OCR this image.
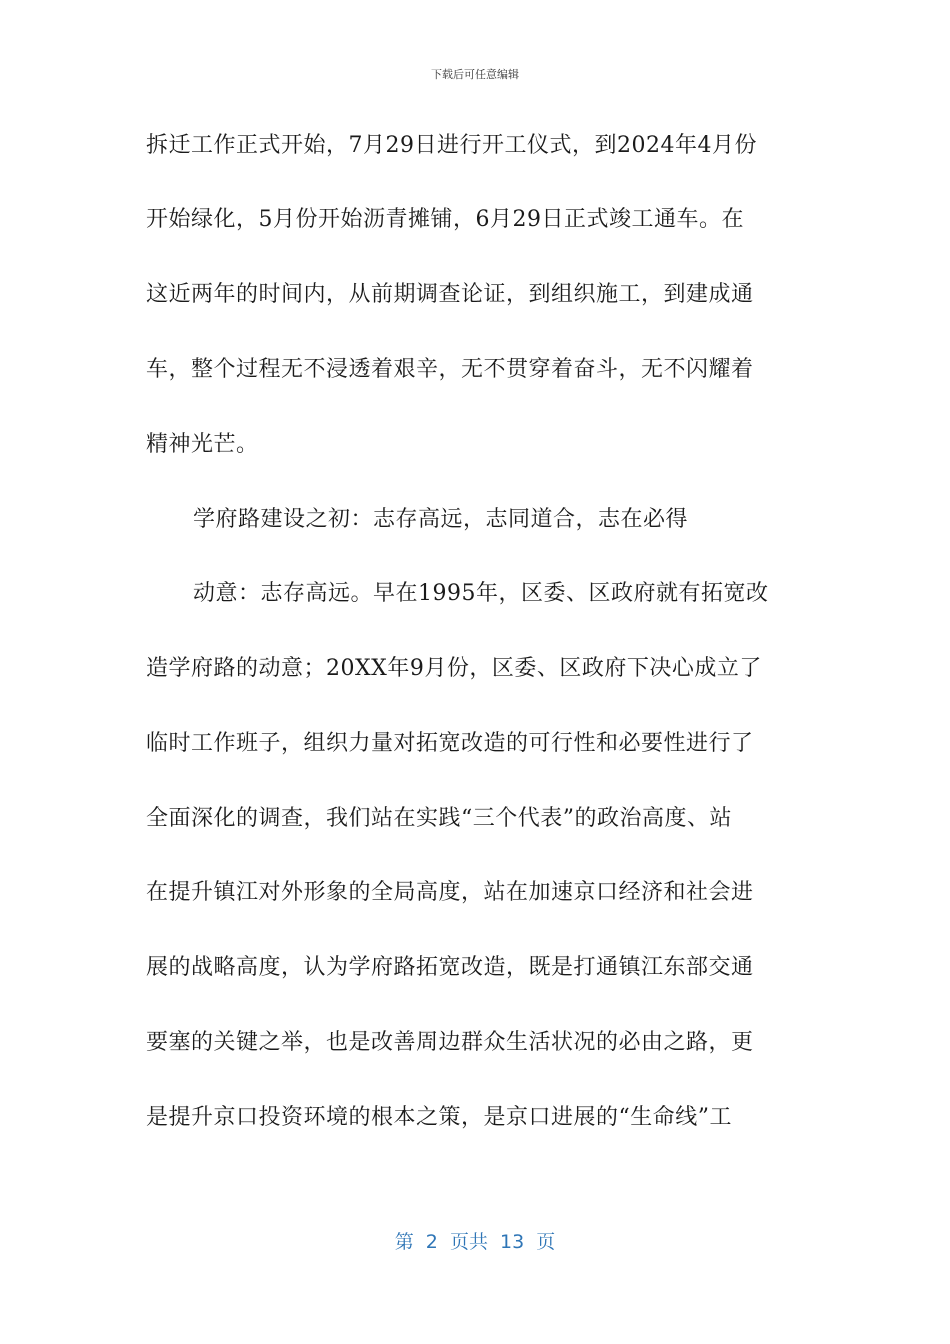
下载后可任意编辑
拆迁工作正式开始，7月29日进行开工仪式，到2024年4月份
开始绿化，5月份开始沥青摊铺，6月29日正式竣工通车。在
这近两年的时间内，从前期调查论证，到组织施工，到建成通
车，整个过程无不浸透着艰辛，无不贯穿着奋斗，无不闪耀着
精神光芒。
学府路建设之初：志存高远，志同道合，志在必得
动意：志存高远。早在1995年，区委、区政府就有拓宽改
造学府路的动意；20XX年9月份，区委、区政府下决心成立了
临时工作班子，组织力量对拓宽改造的可行性和必要性进行了
全面深化的调查，我们站在实践“三个代表”的政治高度、站
在提升镇江对外形象的全局高度，站在加速京口经济和社会进
展的战略高度，认为学府路拓宽改造，既是打通镇江东部交通
要塞的关键之举，也是改善周边群众生活状况的必由之路，更
是提升京口投资环境的根本之策，是京口进展的“生命线”工
第  2  页共  13  页
